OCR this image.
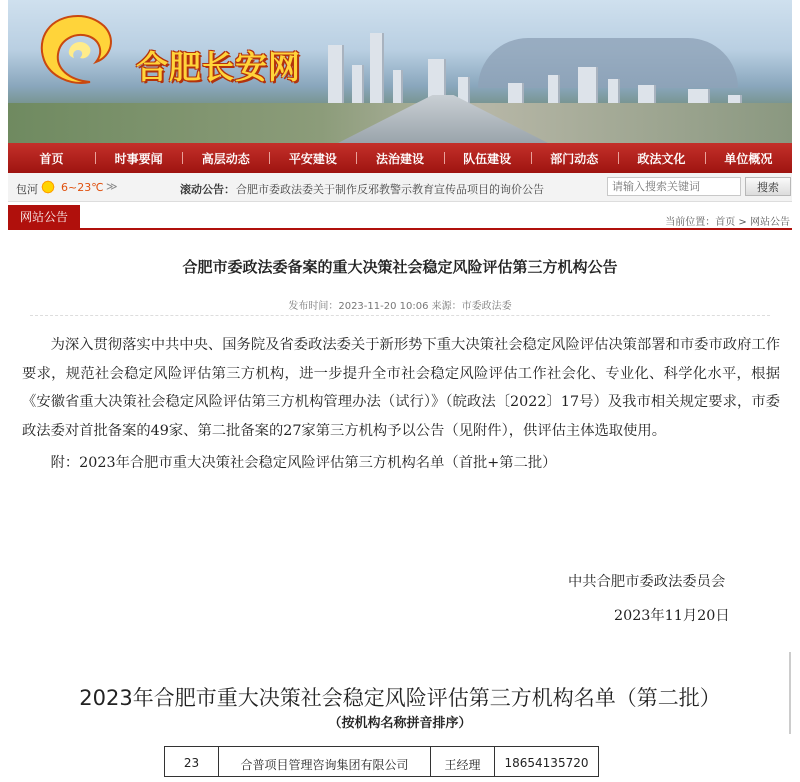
合肥长安网
首页	时事要闻	高层动态	平安建设	法治建设	队伍建设	部门动态	政法文化	单位概况
包河 6~23℃ ≫	滚动公告： 合肥市委政法委关于制作反邪教警示教育宣传品项目的询价公告
请输入搜索关键词	搜索
网站公告	当前位置：首页 > 网站公告
合肥市委政法委备案的重大决策社会稳定风险评估第三方机构公告
发布时间：2023-11-20 10:06 来源：市委政法委

为深入贯彻落实中共中央、国务院及省委政法委关于新形势下重大决策社会稳定风险评估决策部署和市委市政府工作要求，规范社会稳定风险评估第三方机构，进一步提升全市社会稳定风险评估工作社会化、专业化、科学化水平，根据《安徽省重大决策社会稳定风险评估第三方机构管理办法（试行）》（皖政法〔2022〕17号）及我市相关规定要求，市委政法委对首批备案的49家、第二批备案的27家第三方机构予以公告（见附件），供评估主体选取使用。

附：2023年合肥市重大决策社会稳定风险评估第三方机构名单（首批+第二批）

中共合肥市委政法委员会
2023年11月20日
2023年合肥市重大决策社会稳定风险评估第三方机构名单（第二批）
（按机构名称拼音排序）
23	合普项目管理咨询集团有限公司	王经理	18654135720
